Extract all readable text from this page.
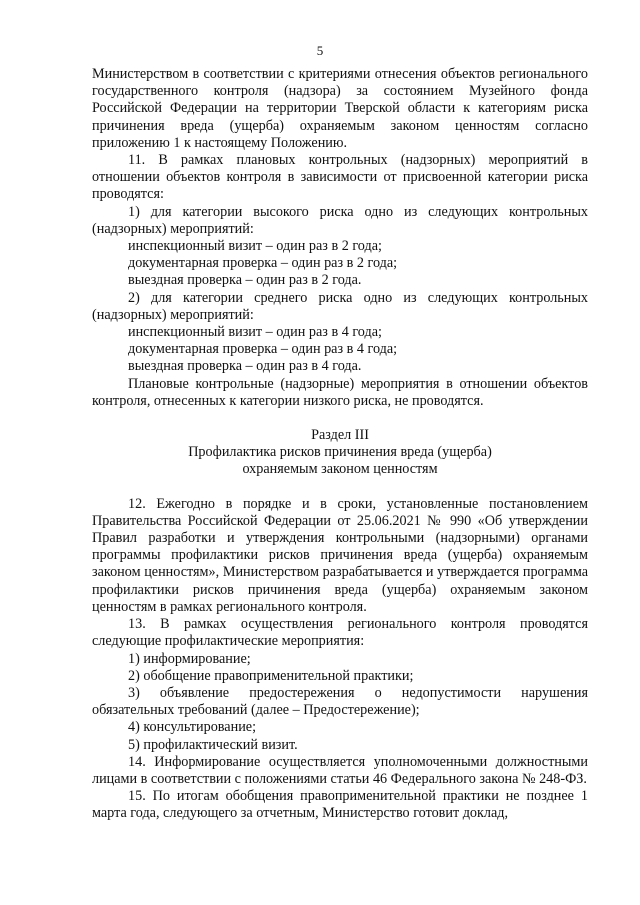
5

Министерством в соответствии с критериями отнесения объектов регионального государственного контроля (надзора) за состоянием Музейного фонда Российской Федерации на территории Тверской области к категориям риска причинения вреда (ущерба) охраняемым законом ценностям согласно приложению 1 к настоящему Положению.

11. В рамках плановых контрольных (надзорных) мероприятий в отношении объектов контроля в зависимости от присвоенной категории риска проводятся:

1) для категории высокого риска одно из следующих контрольных (надзорных) мероприятий:

инспекционный визит – один раз в 2 года;

документарная проверка – один раз в 2 года;

выездная проверка – один раз в 2 года.

2) для категории среднего риска одно из следующих контрольных (надзорных) мероприятий:

инспекционный визит – один раз в 4 года;

документарная проверка – один раз в 4 года;

выездная проверка – один раз в 4 года.

Плановые контрольные (надзорные) мероприятия в отношении объектов контроля, отнесенных к категории низкого риска, не проводятся.

Раздел III

Профилактика рисков причинения вреда (ущерба)

охраняемым законом ценностям

12. Ежегодно в порядке и в сроки, установленные постановлением Правительства Российской Федерации от 25.06.2021 № 990 «Об утверждении Правил разработки и утверждения контрольными (надзорными) органами программы профилактики рисков причинения вреда (ущерба) охраняемым законом ценностям», Министерством разрабатывается и утверждается программа профилактики рисков причинения вреда (ущерба) охраняемым законом ценностям в рамках регионального контроля.

13. В рамках осуществления регионального контроля проводятся следующие профилактические мероприятия:

1) информирование;

2) обобщение правоприменительной практики;

3) объявление предостережения о недопустимости нарушения обязательных требований (далее – Предостережение);

4) консультирование;

5) профилактический визит.

14. Информирование осуществляется уполномоченными должностными лицами в соответствии с положениями статьи 46 Федерального закона № 248-ФЗ.

15. По итогам обобщения правоприменительной практики не позднее 1 марта года, следующего за отчетным, Министерство готовит доклад,
